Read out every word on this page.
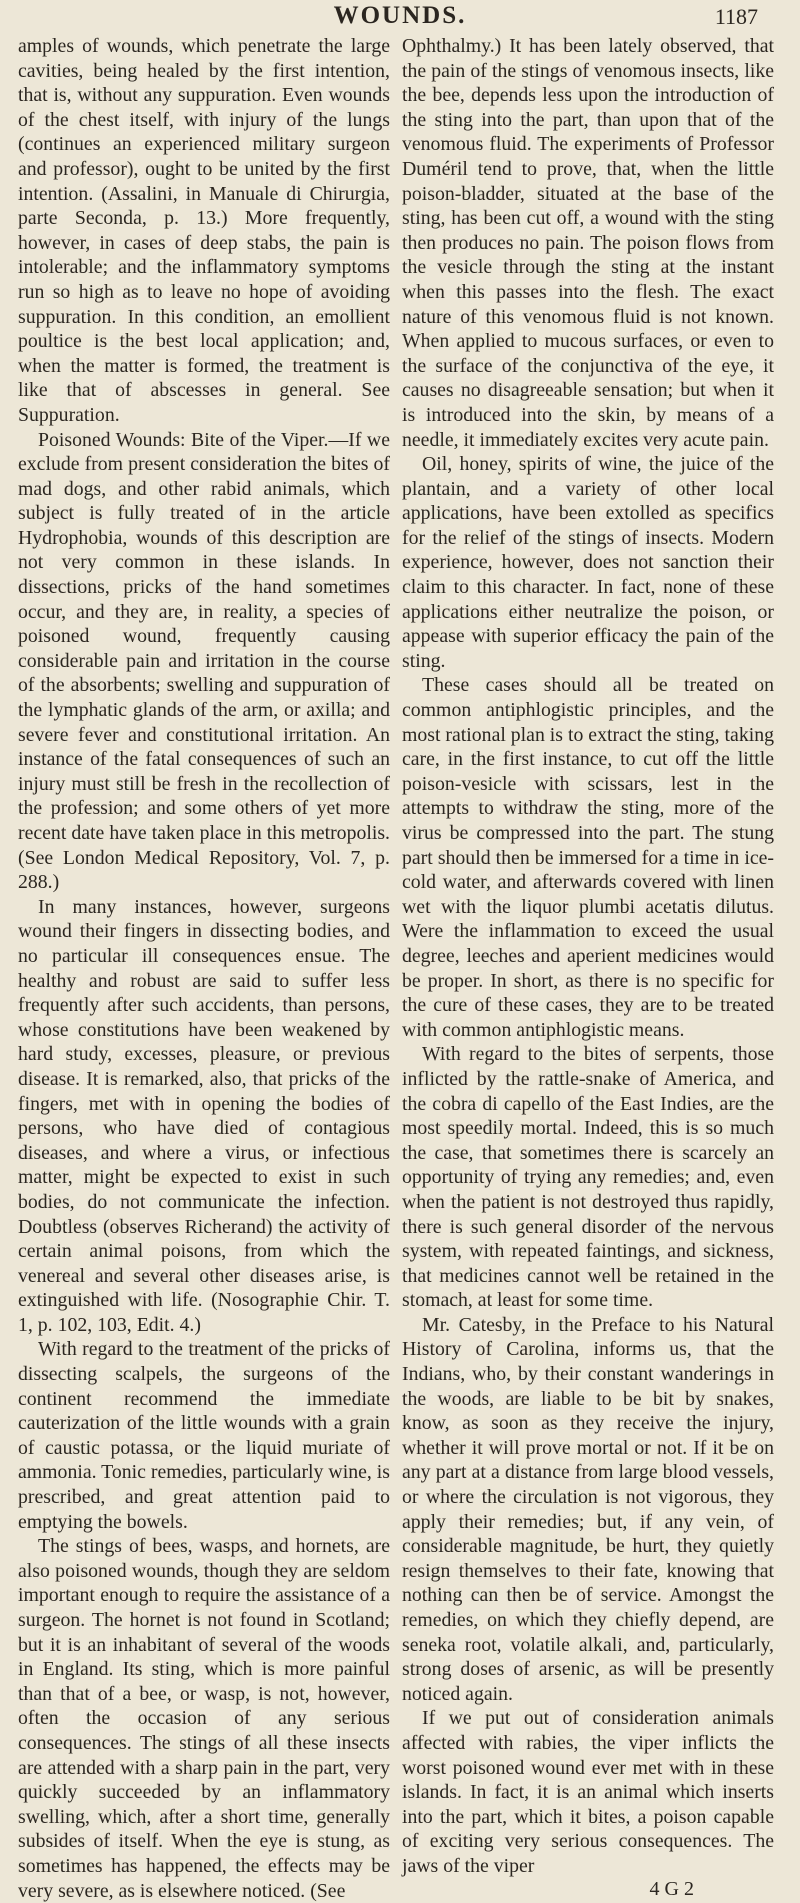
WOUNDS.	1187

amples of wounds, which penetrate the large cavities, being healed by the first intention, that is, without any suppuration. Even wounds of the chest itself, with injury of the lungs (continues an experienced military surgeon and professor), ought to be united by the first intention. (Assalini, in Manuale di Chirurgia, parte Seconda, p. 13.) More frequently, however, in cases of deep stabs, the pain is intolerable; and the inflammatory symptoms run so high as to leave no hope of avoiding suppuration. In this condition, an emollient poultice is the best local application; and, when the matter is formed, the treatment is like that of abscesses in general. See Suppuration.

Poisoned Wounds: Bite of the Viper.—If we exclude from present consideration the bites of mad dogs, and other rabid animals, which subject is fully treated of in the article Hydrophobia, wounds of this description are not very common in these islands. In dissections, pricks of the hand sometimes occur, and they are, in reality, a species of poisoned wound, frequently causing considerable pain and irritation in the course of the absorbents; swelling and suppuration of the lymphatic glands of the arm, or axilla; and severe fever and constitutional irritation. An instance of the fatal consequences of such an injury must still be fresh in the recollection of the profession; and some others of yet more recent date have taken place in this metropolis. (See London Medical Repository, Vol. 7, p. 288.)

In many instances, however, surgeons wound their fingers in dissecting bodies, and no particular ill consequences ensue. The healthy and robust are said to suffer less frequently after such accidents, than persons, whose constitutions have been weakened by hard study, excesses, pleasure, or previous disease. It is remarked, also, that pricks of the fingers, met with in opening the bodies of persons, who have died of contagious diseases, and where a virus, or infectious matter, might be expected to exist in such bodies, do not communicate the infection. Doubtless (observes Richerand) the activity of certain animal poisons, from which the venereal and several other diseases arise, is extinguished with life. (Nosographie Chir. T. 1, p. 102, 103, Edit. 4.)

With regard to the treatment of the pricks of dissecting scalpels, the surgeons of the continent recommend the immediate cauterization of the little wounds with a grain of caustic potassa, or the liquid muriate of ammonia. Tonic remedies, particularly wine, is prescribed, and great attention paid to emptying the bowels.

The stings of bees, wasps, and hornets, are also poisoned wounds, though they are seldom important enough to require the assistance of a surgeon. The hornet is not found in Scotland; but it is an inhabitant of several of the woods in England. Its sting, which is more painful than that of a bee, or wasp, is not, however, often the occasion of any serious consequences. The stings of all these insects are attended with a sharp pain in the part, very quickly succeeded by an inflammatory swelling, which, after a short time, generally subsides of itself. When the eye is stung, as sometimes has happened, the effects may be very severe, as is elsewhere noticed. (See

Ophthalmy.) It has been lately observed, that the pain of the stings of venomous insects, like the bee, depends less upon the introduction of the sting into the part, than upon that of the venomous fluid. The experiments of Professor Duméril tend to prove, that, when the little poison-bladder, situated at the base of the sting, has been cut off, a wound with the sting then produces no pain. The poison flows from the vesicle through the sting at the instant when this passes into the flesh. The exact nature of this venomous fluid is not known. When applied to mucous surfaces, or even to the surface of the conjunctiva of the eye, it causes no disagreeable sensation; but when it is introduced into the skin, by means of a needle, it immediately excites very acute pain.

Oil, honey, spirits of wine, the juice of the plantain, and a variety of other local applications, have been extolled as specifics for the relief of the stings of insects. Modern experience, however, does not sanction their claim to this character. In fact, none of these applications either neutralize the poison, or appease with superior efficacy the pain of the sting.

These cases should all be treated on common antiphlogistic principles, and the most rational plan is to extract the sting, taking care, in the first instance, to cut off the little poison-vesicle with scissars, lest in the attempts to withdraw the sting, more of the virus be compressed into the part. The stung part should then be immersed for a time in ice-cold water, and afterwards covered with linen wet with the liquor plumbi acetatis dilutus. Were the inflammation to exceed the usual degree, leeches and aperient medicines would be proper. In short, as there is no specific for the cure of these cases, they are to be treated with common antiphlogistic means.

With regard to the bites of serpents, those inflicted by the rattle-snake of America, and the cobra di capello of the East Indies, are the most speedily mortal. Indeed, this is so much the case, that sometimes there is scarcely an opportunity of trying any remedies; and, even when the patient is not destroyed thus rapidly, there is such general disorder of the nervous system, with repeated faintings, and sickness, that medicines cannot well be retained in the stomach, at least for some time.

Mr. Catesby, in the Preface to his Natural History of Carolina, informs us, that the Indians, who, by their constant wanderings in the woods, are liable to be bit by snakes, know, as soon as they receive the injury, whether it will prove mortal or not. If it be on any part at a distance from large blood vessels, or where the circulation is not vigorous, they apply their remedies; but, if any vein, of considerable magnitude, be hurt, they quietly resign themselves to their fate, knowing that nothing can then be of service. Amongst the remedies, on which they chiefly depend, are seneka root, volatile alkali, and, particularly, strong doses of arsenic, as will be presently noticed again.

If we put out of consideration animals affected with rabies, the viper inflicts the worst poisoned wound ever met with in these islands. In fact, it is an animal which inserts into the part, which it bites, a poison capable of exciting very serious consequences. The jaws of the viper

4 G 2
